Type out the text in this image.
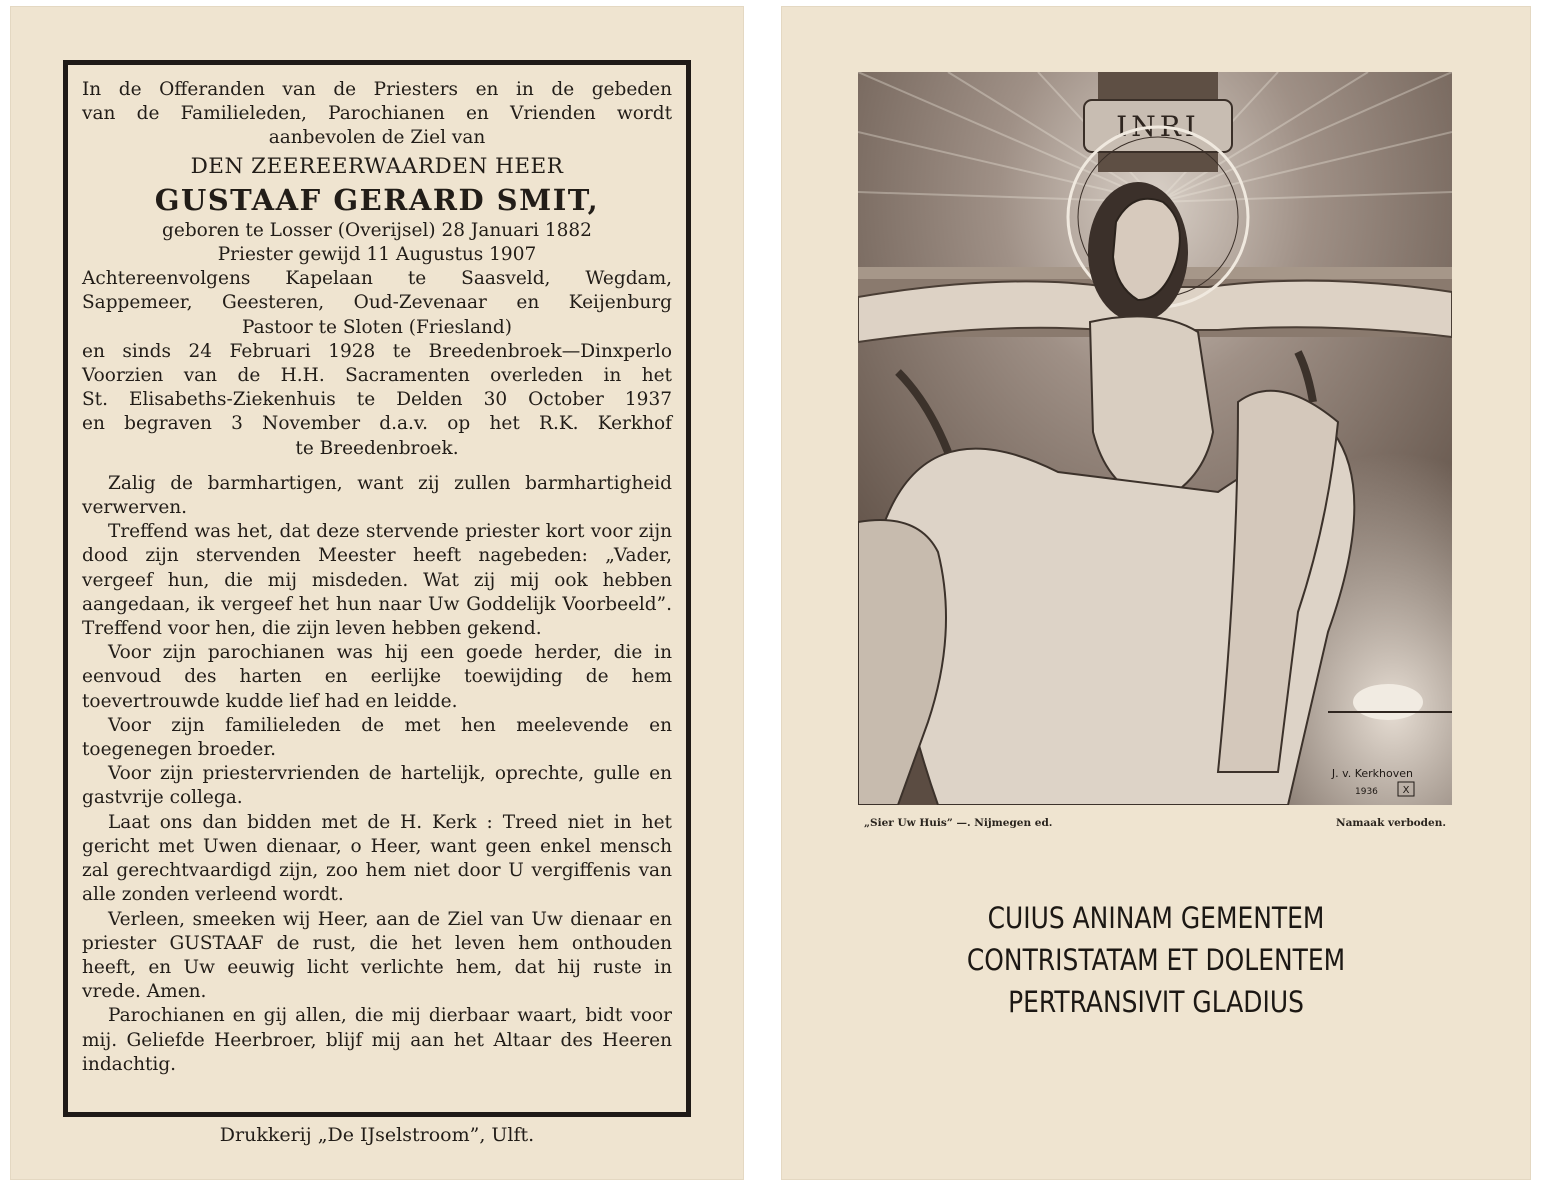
In de Offeranden van de Priesters en in de gebeden

van de Familieleden, Parochianen en Vrienden wordt

aanbevolen de Ziel van

DEN ZEEREERWAARDEN HEER

GUSTAAF GERARD SMIT,

geboren te Losser (Overijsel) 28 Januari 1882

Priester gewijd 11 Augustus 1907

Achtereenvolgens Kapelaan te Saasveld, Wegdam,

Sappemeer, Geesteren, Oud-Zevenaar en Keijenburg

Pastoor te Sloten (Friesland)

en sinds 24 Februari 1928 te Breedenbroek—Dinxperlo

Voorzien van de H.H. Sacramenten overleden in het

St. Elisabeths-Ziekenhuis te Delden 30 October 1937

en begraven 3 November d.a.v. op het R.K. Kerkhof

te Breedenbroek.

Zalig de barmhartigen, want zij zullen barmhartigheid verwerven.

Treffend was het, dat deze stervende priester kort voor zijn dood zijn stervenden Meester heeft nagebeden: „Vader, vergeef hun, die mij misdeden. Wat zij mij ook hebben aangedaan, ik vergeef het hun naar Uw Goddelijk Voorbeeld”. Treffend voor hen, die zijn leven hebben gekend.

Voor zijn parochianen was hij een goede herder, die in eenvoud des harten en eerlijke toewijding de hem toevertrouwde kudde lief had en leidde.

Voor zijn familieleden de met hen meelevende en toegenegen broeder.

Voor zijn priestervrienden de hartelijk, oprechte, gulle en gastvrije collega.

Laat ons dan bidden met de H. Kerk : Treed niet in het gericht met Uwen dienaar, o Heer, want geen enkel mensch zal gerechtvaardigd zijn, zoo hem niet door U vergiffenis van alle zonden verleend wordt.

Verleen, smeeken wij Heer, aan de Ziel van Uw dienaar en priester GUSTAAF de rust, die het leven hem onthouden heeft, en Uw eeuwig licht verlichte hem, dat hij ruste in vrede. Amen.

Parochianen en gij allen, die mij dierbaar waart, bidt voor mij. Geliefde Heerbroer, blijf mij aan het Altaar des Heeren indachtig.

Drukkerij „De IJselstroom”, Ulft.
INRI
J. v. Kerkhoven
1936 X
„Sier Uw Huis” —. Nijmegen ed.	Namaak verboden.
CUIUS ANINAM GEMENTEM
CONTRISTATAM ET DOLENTEM
PERTRANSIVIT GLADIUS
